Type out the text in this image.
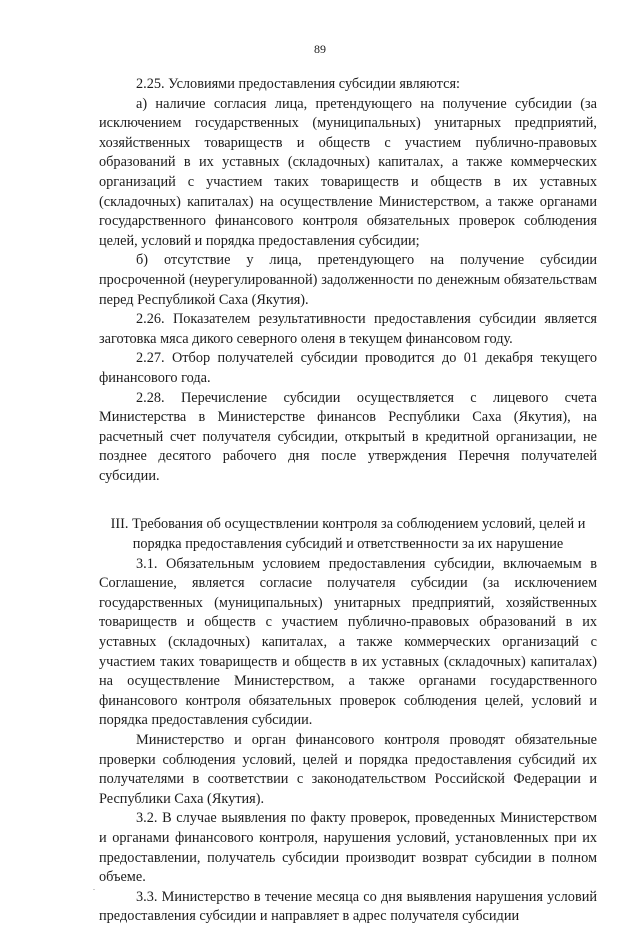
89

2.25. Условиями предоставления субсидии являются:

а) наличие согласия лица, претендующего на получение субсидии (за исключением государственных (муниципальных) унитарных предприятий, хозяйственных товариществ и обществ с участием публично-правовых образований в их уставных (складочных) капиталах, а также коммерческих организаций с участием таких товариществ и обществ в их уставных (складочных) капиталах) на осуществление Министерством, а также органами государственного финансового контроля обязательных проверок соблюдения целей, условий и порядка предоставления субсидии;

б) отсутствие у лица, претендующего на получение субсидии просроченной (неурегулированной) задолженности по денежным обязательствам перед Республикой Саха (Якутия).

2.26. Показателем результативности предоставления субсидии является заготовка мяса дикого северного оленя в текущем финансовом году.

2.27. Отбор получателей субсидии проводится до 01 декабря текущего финансового года.

2.28. Перечисление субсидии осуществляется с лицевого счета Министерства в Министерстве финансов Республики Саха (Якутия), на расчетный счет получателя субсидии, открытый в кредитной организации, не позднее десятого рабочего дня после утверждения Перечня получателей субсидии.

III. Требования об осуществлении контроля за соблюдением условий, целей и порядка предоставления субсидий и ответственности за их нарушение

3.1. Обязательным условием предоставления субсидии, включаемым в Соглашение, является согласие получателя субсидии (за исключением государственных (муниципальных) унитарных предприятий, хозяйственных товариществ и обществ с участием публично-правовых образований в их уставных (складочных) капиталах, а также коммерческих организаций с участием таких товариществ и обществ в их уставных (складочных) капиталах) на осуществление Министерством, а также органами государственного финансового контроля обязательных проверок соблюдения целей, условий и порядка предоставления субсидии.

Министерство и орган финансового контроля проводят обязательные проверки соблюдения условий, целей и порядка предоставления субсидий их получателями в соответствии с законодательством Российской Федерации и Республики Саха (Якутия).

3.2. В случае выявления по факту проверок, проведенных Министерством и органами финансового контроля, нарушения условий, установленных при их предоставлении, получатель субсидии производит возврат субсидии в полном объеме.

3.3. Министерство в течение месяца со дня выявления нарушения условий предоставления субсидии и направляет в адрес получателя субсидии

.
